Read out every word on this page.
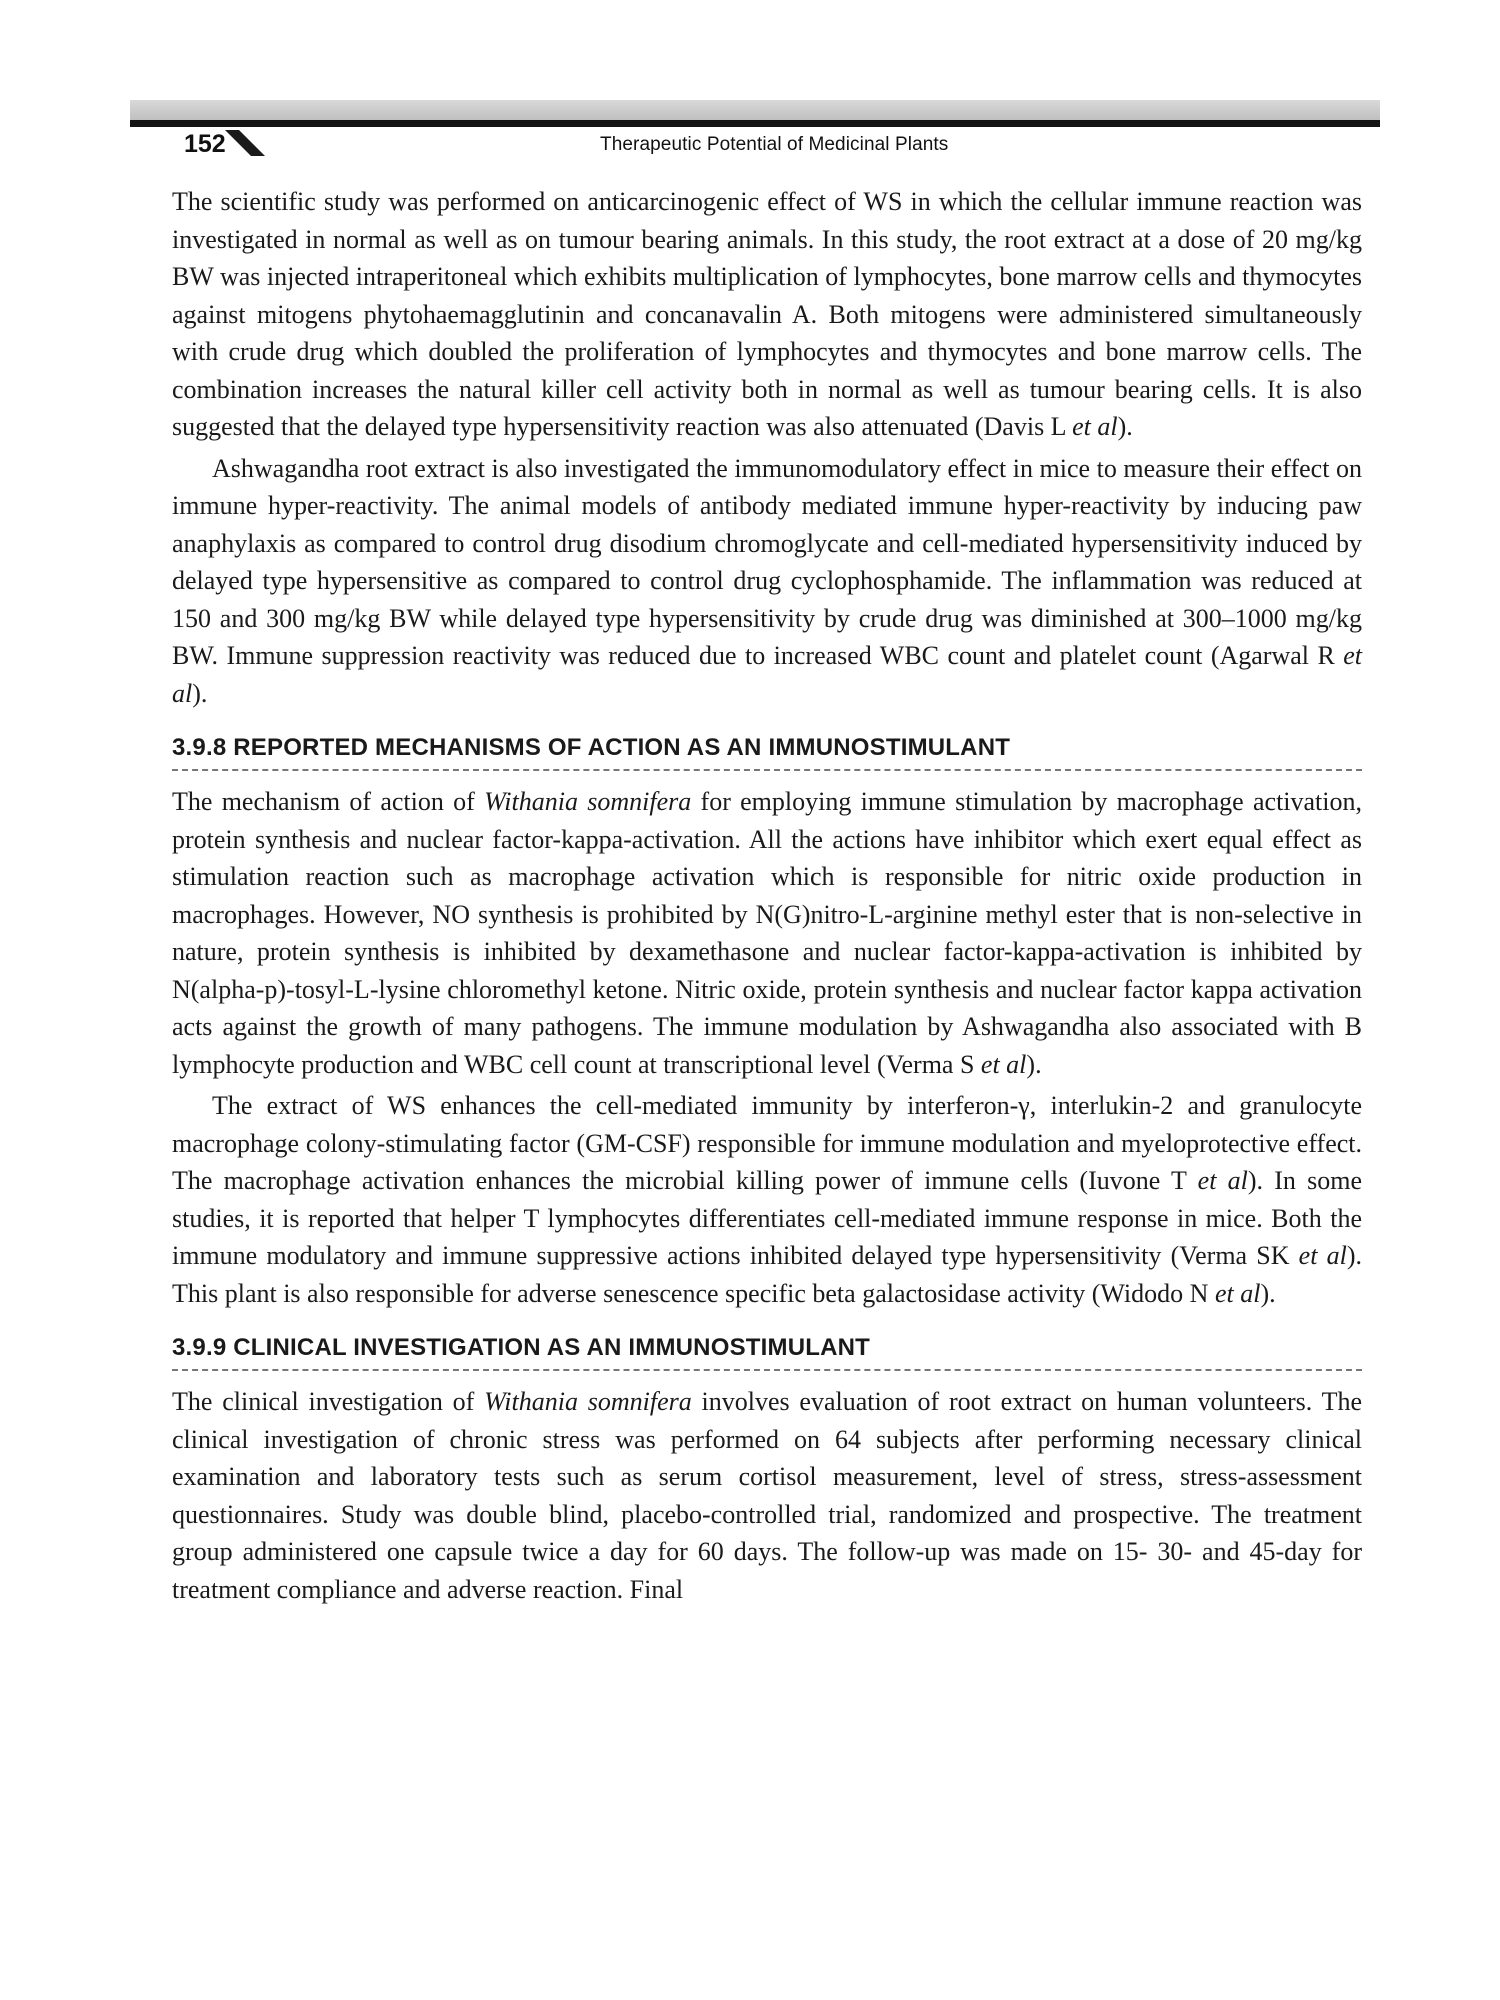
152	Therapeutic Potential of Medicinal Plants

The scientific study was performed on anticarcinogenic effect of WS in which the cellular immune reaction was investigated in normal as well as on tumour bearing animals. In this study, the root extract at a dose of 20 mg/kg BW was injected intraperitoneal which exhibits multiplication of lymphocytes, bone marrow cells and thymocytes against mitogens phytohaemagglutinin and concanavalin A. Both mitogens were administered simultaneously with crude drug which doubled the proliferation of lymphocytes and thymocytes and bone marrow cells. The combination increases the natural killer cell activity both in normal as well as tumour bearing cells. It is also suggested that the delayed type hypersensitivity reaction was also attenuated (Davis L et al).

Ashwagandha root extract is also investigated the immunomodulatory effect in mice to measure their effect on immune hyper-reactivity. The animal models of antibody mediated immune hyper-reactivity by inducing paw anaphylaxis as compared to control drug disodium chromoglycate and cell-mediated hypersensitivity induced by delayed type hypersensitive as compared to control drug cyclophosphamide. The inflammation was reduced at 150 and 300 mg/kg BW while delayed type hypersensitivity by crude drug was diminished at 300–1000 mg/kg BW. Immune suppression reactivity was reduced due to increased WBC count and platelet count (Agarwal R et al).

3.9.8 REPORTED MECHANISMS OF ACTION AS AN IMMUNOSTIMULANT

The mechanism of action of Withania somnifera for employing immune stimulation by macrophage activation, protein synthesis and nuclear factor-kappa-activation. All the actions have inhibitor which exert equal effect as stimulation reaction such as macrophage activation which is responsible for nitric oxide production in macrophages. However, NO synthesis is prohibited by N(G)nitro-L-arginine methyl ester that is non-selective in nature, protein synthesis is inhibited by dexamethasone and nuclear factor-kappa-activation is inhibited by N(alpha-p)-tosyl-L-lysine chloromethyl ketone. Nitric oxide, protein synthesis and nuclear factor kappa activation acts against the growth of many pathogens. The immune modulation by Ashwagandha also associated with B lymphocyte production and WBC cell count at transcriptional level (Verma S et al).

The extract of WS enhances the cell-mediated immunity by interferon-γ, interlukin-2 and granulocyte macrophage colony-stimulating factor (GM-CSF) responsible for immune modulation and myeloprotective effect. The macrophage activation enhances the microbial killing power of immune cells (Iuvone T et al). In some studies, it is reported that helper T lymphocytes differentiates cell-mediated immune response in mice. Both the immune modulatory and immune suppressive actions inhibited delayed type hypersensitivity (Verma SK et al). This plant is also responsible for adverse senescence specific beta galactosidase activity (Widodo N et al).

3.9.9 CLINICAL INVESTIGATION AS AN IMMUNOSTIMULANT

The clinical investigation of Withania somnifera involves evaluation of root extract on human volunteers. The clinical investigation of chronic stress was performed on 64 subjects after performing necessary clinical examination and laboratory tests such as serum cortisol measurement, level of stress, stress-assessment questionnaires. Study was double blind, placebo-controlled trial, randomized and prospective. The treatment group administered one capsule twice a day for 60 days. The follow-up was made on 15- 30- and 45-day for treatment compliance and adverse reaction. Final
